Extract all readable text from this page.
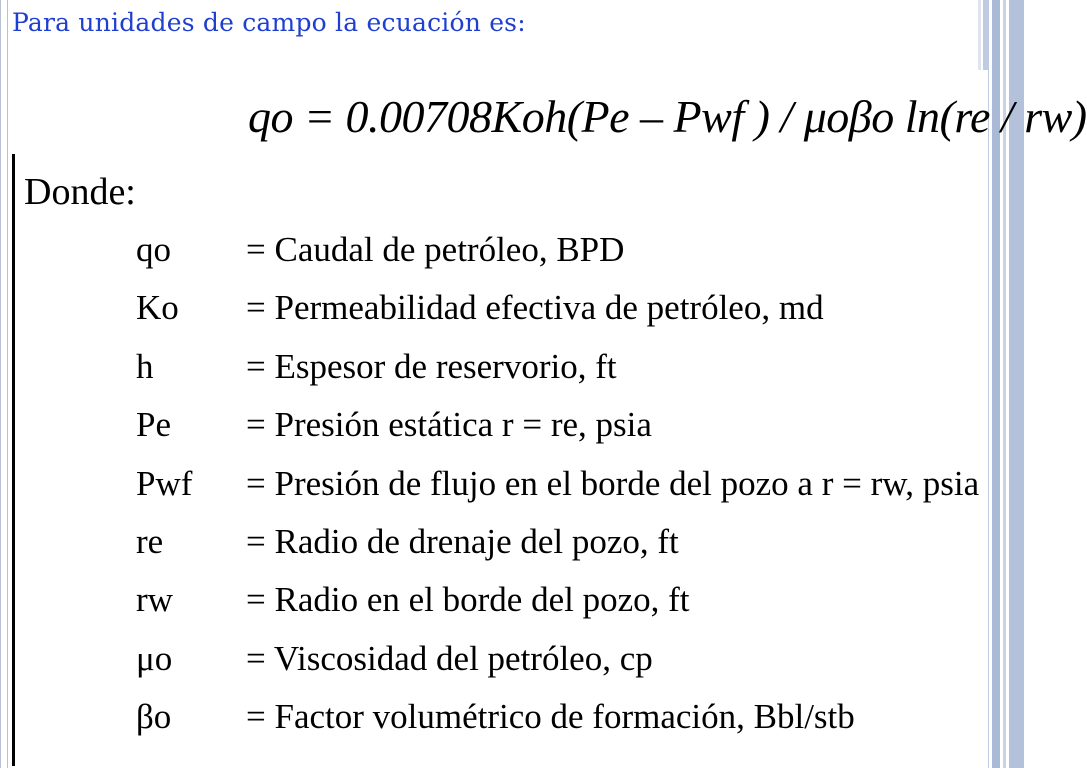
Para unidades de campo la ecuación es:
qo = 0.00708Koh(Pe – Pwf ) / μoβo ln(re / rw)
Donde:
qo = Caudal de petróleo, BPD
Ko = Permeabilidad efectiva de petróleo, md
h	= Espesor de reservorio, ft
Pe = Presión estática r = re, psia
Pwf = Presión de flujo en el borde del pozo a r = rw, psia
re = Radio de drenaje del pozo, ft
rw = Radio en el borde del pozo, ft
μo = Viscosidad del petróleo, cp
βo = Factor volumétrico de formación, Bbl/stb
